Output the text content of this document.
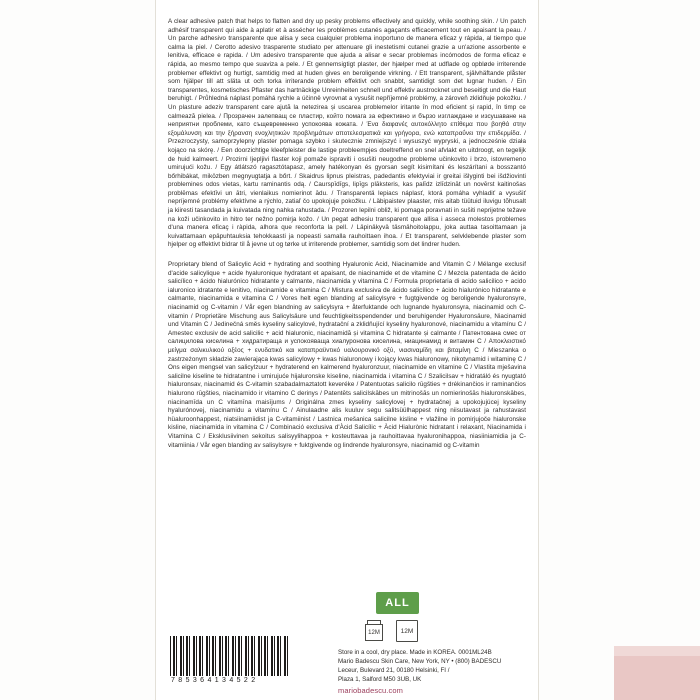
A clear adhesive patch that helps to flatten and dry up pesky problems effectively and quickly, while soothing skin. / Un patch adhésif transparent qui aide à aplatir et à assécher les problèmes cutanés agaçants efficacement tout en apaisant la peau. / Un parche adhesivo transparente que alisa y seca cualquier problema inoportuno de manera eficaz y rápida, al tiempo que calma la piel. / Cerotto adesivo trasparente studiato per attenuare gli inestetismi cutanei grazie a un'azione assorbente e lenitiva, efficace e rapida. / Um adesivo transparente que ajuda a alisar e secar problemas incómodos de forma eficaz e rápida, ao mesmo tempo que suaviza a pele. / Et gennemsigtigt plaster, der hjælper med at udflade og opbløde irriterende problemer effektivt og hurtigt, samtidig med at huden gives en beroligende virkning. / Ett transparent, självhäftande plåster som hjälper till att släta ut och torka irriterande problem effektivt och snabbt, samtidigt som det lugnar huden. / Ein transparentes, kosmetisches Pflaster das hartnäckige Unreinheiten schnell und effektiv austrocknet und beseitigt und die Haut beruhigt. / Průhledná náplast pomáhá rychle a účinně vyrovnat a vysušit nepříjemné problémy, a zároveň zklidňuje pokožku. / Un plasture adeziv transparent care ajută la netezirea și uscarea problemelor iritante în mod eficient și rapid, în timp ce calmează pielea. / Прозрачен залепващ се пластир, който помага за ефективно и бързо изглаждане и изсушаване на неприятни проблеми, като същевременно успокоява кожата. / Ένα διαφανές αυτοκόλλητο επίθεμα που βοηθά στην εξομάλυνση και την ξήρανση ενοχλητικών προβλημάτων αποτελεσματικά και γρήγορα, ενώ καταπραΰνει την επιδερμίδα. / Przezroczysty, samoprzylepny plaster pomaga szybko i skutecznie zmniejszyć i wysuszyć wypryski, a jednocześnie działa kojąco na skórę. / Een doorzichtige kleefpleister die lastige probleempjes doeltreffend en snel afvlakt en uitdroogt, en tegelijk de huid kalmeert. / Prozirni ljepljivi flaster koji pomaže ispraviti i osušiti neugodne probleme učinkovito i brzo, istovremeno umirujući kožu. / Egy átlátszó ragasztótapasz, amely hatékonyan és gyorsan segít kisimítani és leszárítani a bosszantó bőrhibákat, miközben megnyugtatja a bőrt. / Skaidrus lipnus pleistras, padedantis efektyviai ir greitai išlyginti bei išdžiovinti problemines odos vietas, kartu raminantis odą. / Caurspīdīgs, lipīgs plāksteris, kas palīdz izlīdzināt un novērst kaitinošas problēmas efektīvi un ātri, vienlaikus nomierinot ādu. / Transparentä lepiacs náplasť, ktorá pomáha vyhladiť a vysušiť nepríjemné problémy efektívne a rýchlo, zatiaľ čo upokojuje pokožku. / Läbipaistev plaaster, mis aitab tüütuid iluvigu tõhusalt ja kiiresti tasandada ja kuivatada ning nahka rahustada. / Prozoren lepilni obliž, ki pomaga poravnati in sušiti neprijetne težave na koži učinkovito in hitro ter nežno pomirja kožo. / Un pegat adhesiu transparent que allisa i asseca molestos problemes d'una manera eficaç i ràpida, alhora que reconforta la pell. / Läpinäkyvä täsmähoitolappu, joka auttaa tasoittamaan ja kuivattamaan epäpuhtauksia tehokkaasti ja nopeasti samalla rauhoittaen ihoa. / Et transparent, selvklebende plaster som hjelper og effektivt bidrar til å jevne ut og tørke ut irriterende problemer, samtidig som det lindrer huden.

Proprietary blend of Salicylic Acid + hydrating and soothing Hyaluronic Acid, Niacinamide and Vitamin C / Mélange exclusif d'acide salicylique + acide hyaluronique hydratant et apaisant, de niacinamide et de vitamine C / Mezcla patentada de ácido salicílico + ácido hialurónico hidratante y calmante, niacinamida y vitamina C / Formula proprietaria di acido salicilico + acido ialuronico idratante e lenitivo, niacinamide e vitamina C / Mistura exclusiva de ácido salicílico + ácido hialurónico hidratante e calmante, niacinamida e vitamina C / Vores helt egen blanding af salicylsyre + fugtgivende og beroligende hyaluronsyre, niacinamid og C-vitamin / Vår egen blandning av salicylsyra + återfuktande och lugnande hyaluronsyra, niacinamid och C-vitamin / Proprietäre Mischung aus Salicylsäure und feuchtigkeitsspendender und beruhigender Hyaluronsäure, Niacinamid und Vitamin C / Jedinečná směs kyseliny salicylové, hydratační a zklidňující kyseliny hyaluronové, niacinamidu a vitamínu C / Amestec exclusiv de acid salicilic + acid hialuronic, niacinamidă și vitamina C hidratante și calmante / Патентована смес от салицилова киселина + хидратираща и успокояваща хиалуронова киселина, ниацинамид и витамин C / Αποκλειστικό μείγμα σαλικυλικού οξέος + ενυδατικό και καταπραϋντικό υαλουρονικό οξύ, νιασιναμίδη και βιταμίνη C / Mieszanka o zastrzeżonym składzie zawierająca kwas salicylowy + kwas hialuronowy i kojący kwas hialuronowy, nikotynamid i witaminę C / Ons eigen mengsel van salicylzuur + hydraterend en kalmerend hyaluronzuur, niacinamide en vitamine C / Vlastita mješavina salicilne kiseline te hidratantne i umirujuće hijaluronske kiseline, niacinamida i vitamina C / Szalicilsav + hidratáló és nyugtató hialuronsav, niacinamid és C-vitamin szabadalmaztatott keveréke / Patentuotas salicilo rūgšties + drėkinančios ir raminančios hialurono rūgšties, niacinamido ir vitamino C derinys / Patentēts salicilskābes un mitrinošās un nomierinošās hialuronskābes, niacinamīda un C vitamīna maisījums / Originálna zmes kyseliny salicylovej + hydratačnej a upokojujúcej kyseliny hyalurónovej, niacinamidu a vitamínu C / Ainulaadne alis kuuluv segu salitsüülhappest ning niisutavast ja rahustavast hüaluroonhappest, niatsiinamiidist ja C-vitamiinist / Lastnica mešanica salicilne kisline + vlažilne in pomirjujoče hialuronske kisline, niacinamida in vitamina C / Combinació exclusiva d'Àcid Salicílic + Àcid Hialurònic hidratant i relaxant, Niacinamida i Vitamina C / Eksklusiivinen sekoitus salisyylihappoa + kosteuttavaa ja rauhoittavaa hyaluronihappoa, niasiiniamidia ja C-vitamiinia / Vår egen blanding av salisylsyre + fuktgivende og lindrende hyaluronsyre, niacinamid og C-vitamin

ALL
12M	12M
Store in a cool, dry place. Made in KOREA. 0001ML24B
Mario Badescu Skin Care, New York, NY • (800) BADESCU
Leceur, Bulevard 21, 00180 Helsinki, FI /
Plaza 1, Salford M50 3UB, UK
mariobadescu.com
785364134522
